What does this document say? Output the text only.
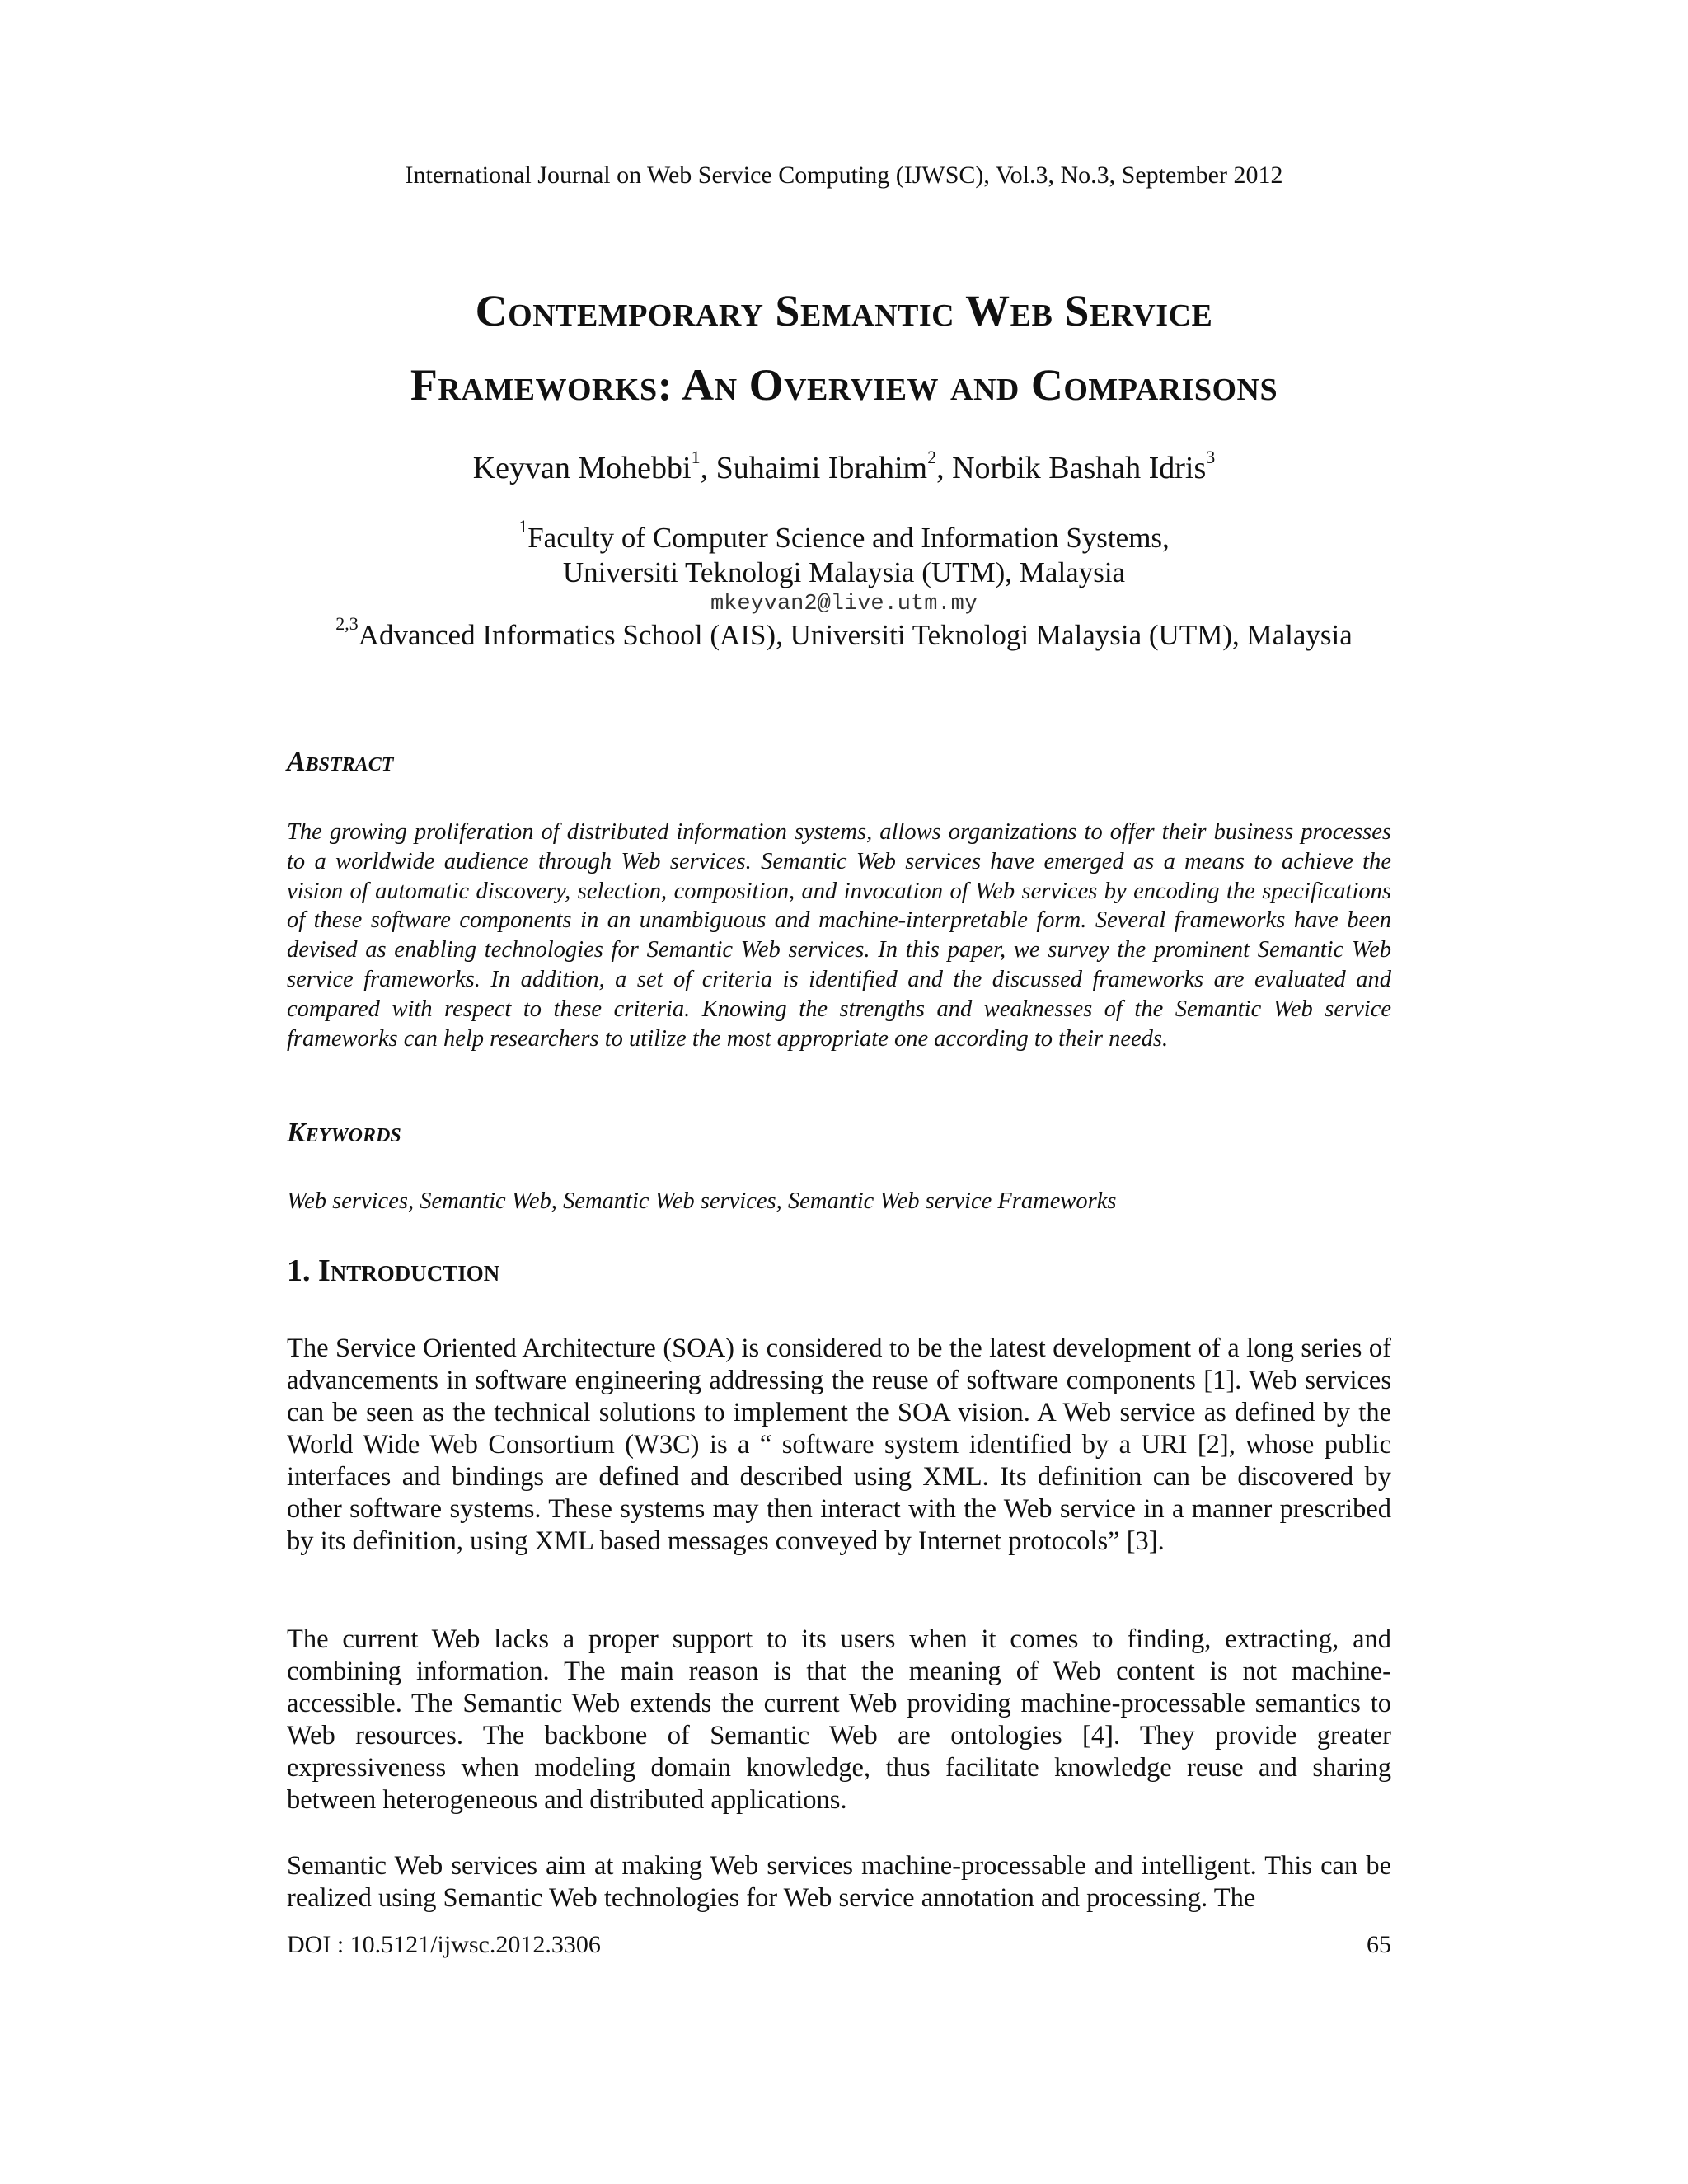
International Journal on Web Service Computing (IJWSC), Vol.3, No.3, September 2012
Contemporary Semantic Web Service
Frameworks: An Overview and Comparisons
Keyvan Mohebbi$^1$, Suhaimi Ibrahim$^2$, Norbik Bashah Idris$^3$
$^1$Faculty of Computer Science and Information Systems,
Universiti Teknologi Malaysia (UTM), Malaysia
mkeyvan2@live.utm.my
$^{2,3}$Advanced Informatics School (AIS), Universiti Teknologi Malaysia (UTM), Malaysia
Abstract
The growing proliferation of distributed information systems, allows organizations to offer their business processes to a worldwide audience through Web services. Semantic Web services have emerged as a means to achieve the vision of automatic discovery, selection, composition, and invocation of Web services by encoding the specifications of these software components in an unambiguous and machine-interpretable form. Several frameworks have been devised as enabling technologies for Semantic Web services. In this paper, we survey the prominent Semantic Web service frameworks. In addition, a set of criteria is identified and the discussed frameworks are evaluated and compared with respect to these criteria. Knowing the strengths and weaknesses of the Semantic Web service frameworks can help researchers to utilize the most appropriate one according to their needs.
Keywords
Web services, Semantic Web, Semantic Web services, Semantic Web service Frameworks
1. Introduction
The Service Oriented Architecture (SOA) is considered to be the latest development of a long series of advancements in software engineering addressing the reuse of software components [1]. Web services can be seen as the technical solutions to implement the SOA vision. A Web service as defined by the World Wide Web Consortium (W3C) is a “ software system identified by a URI [2], whose public interfaces and bindings are defined and described using XML. Its definition can be discovered by other software systems. These systems may then interact with the Web service in a manner prescribed by its definition, using XML based messages conveyed by Internet protocols” [3].
The current Web lacks a proper support to its users when it comes to finding, extracting, and combining information. The main reason is that the meaning of Web content is not machine-accessible. The Semantic Web extends the current Web providing machine-processable semantics to Web resources. The backbone of Semantic Web are ontologies [4]. They provide greater expressiveness when modeling domain knowledge, thus facilitate knowledge reuse and sharing between heterogeneous and distributed applications.
Semantic Web services aim at making Web services machine-processable and intelligent. This can be realized using Semantic Web technologies for Web service annotation and processing. The
DOI : 10.5121/ijwsc.2012.3306	65
